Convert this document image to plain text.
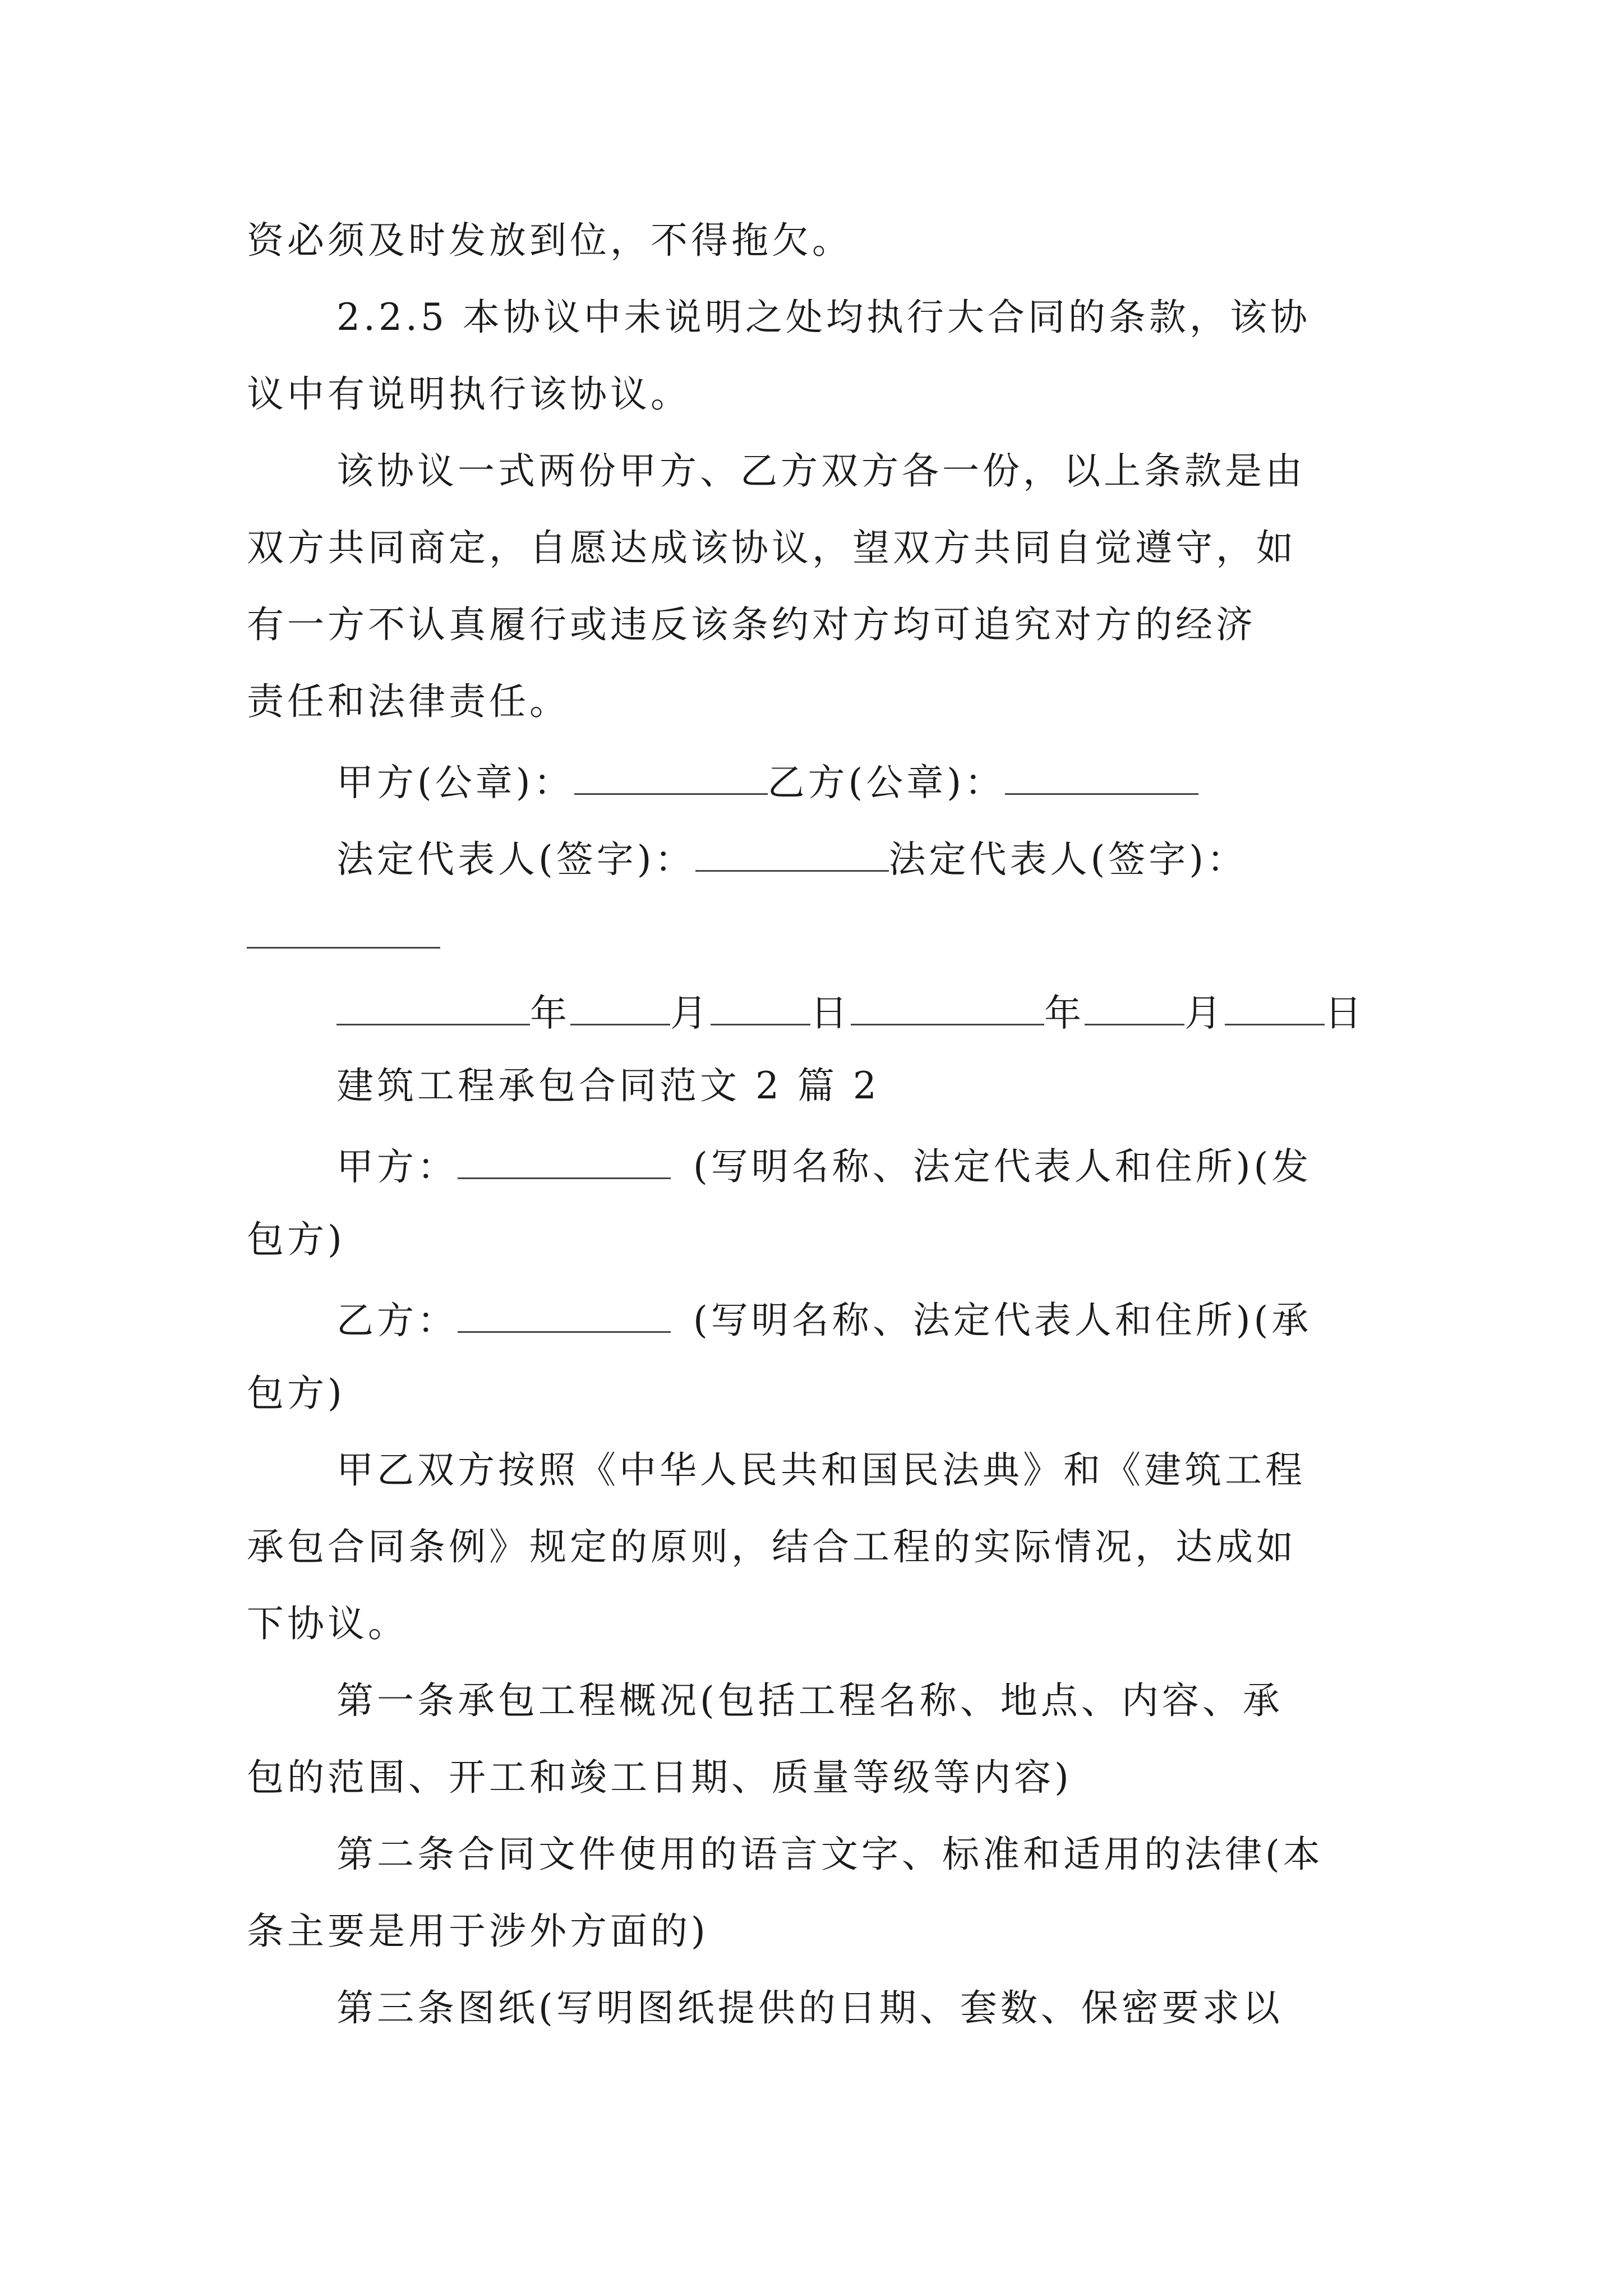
资必须及时发放到位，不得拖欠。
2.2.5 本协议中未说明之处均执行大合同的条款，该协
议中有说明执行该协议。
该协议一式两份甲方、乙方双方各一份，以上条款是由
双方共同商定，自愿达成该协议，望双方共同自觉遵守，如
有一方不认真履行或违反该条约对方均可追究对方的经济
责任和法律责任。
甲方(公章)：	乙方(公章)：
法定代表人(签字)：	法定代表人(签字)：
年	月	日	年	月	日
建筑工程承包合同范文 2 篇 2
甲方：	(写明名称、法定代表人和住所)(发
包方)
乙方：	(写明名称、法定代表人和住所)(承
包方)
甲乙双方按照《中华人民共和国民法典》和《建筑工程
承包合同条例》规定的原则，结合工程的实际情况，达成如
下协议。
第一条承包工程概况(包括工程名称、地点、内容、承
包的范围、开工和竣工日期、质量等级等内容)
第二条合同文件使用的语言文字、标准和适用的法律(本
条主要是用于涉外方面的)
第三条图纸(写明图纸提供的日期、套数、保密要求以
